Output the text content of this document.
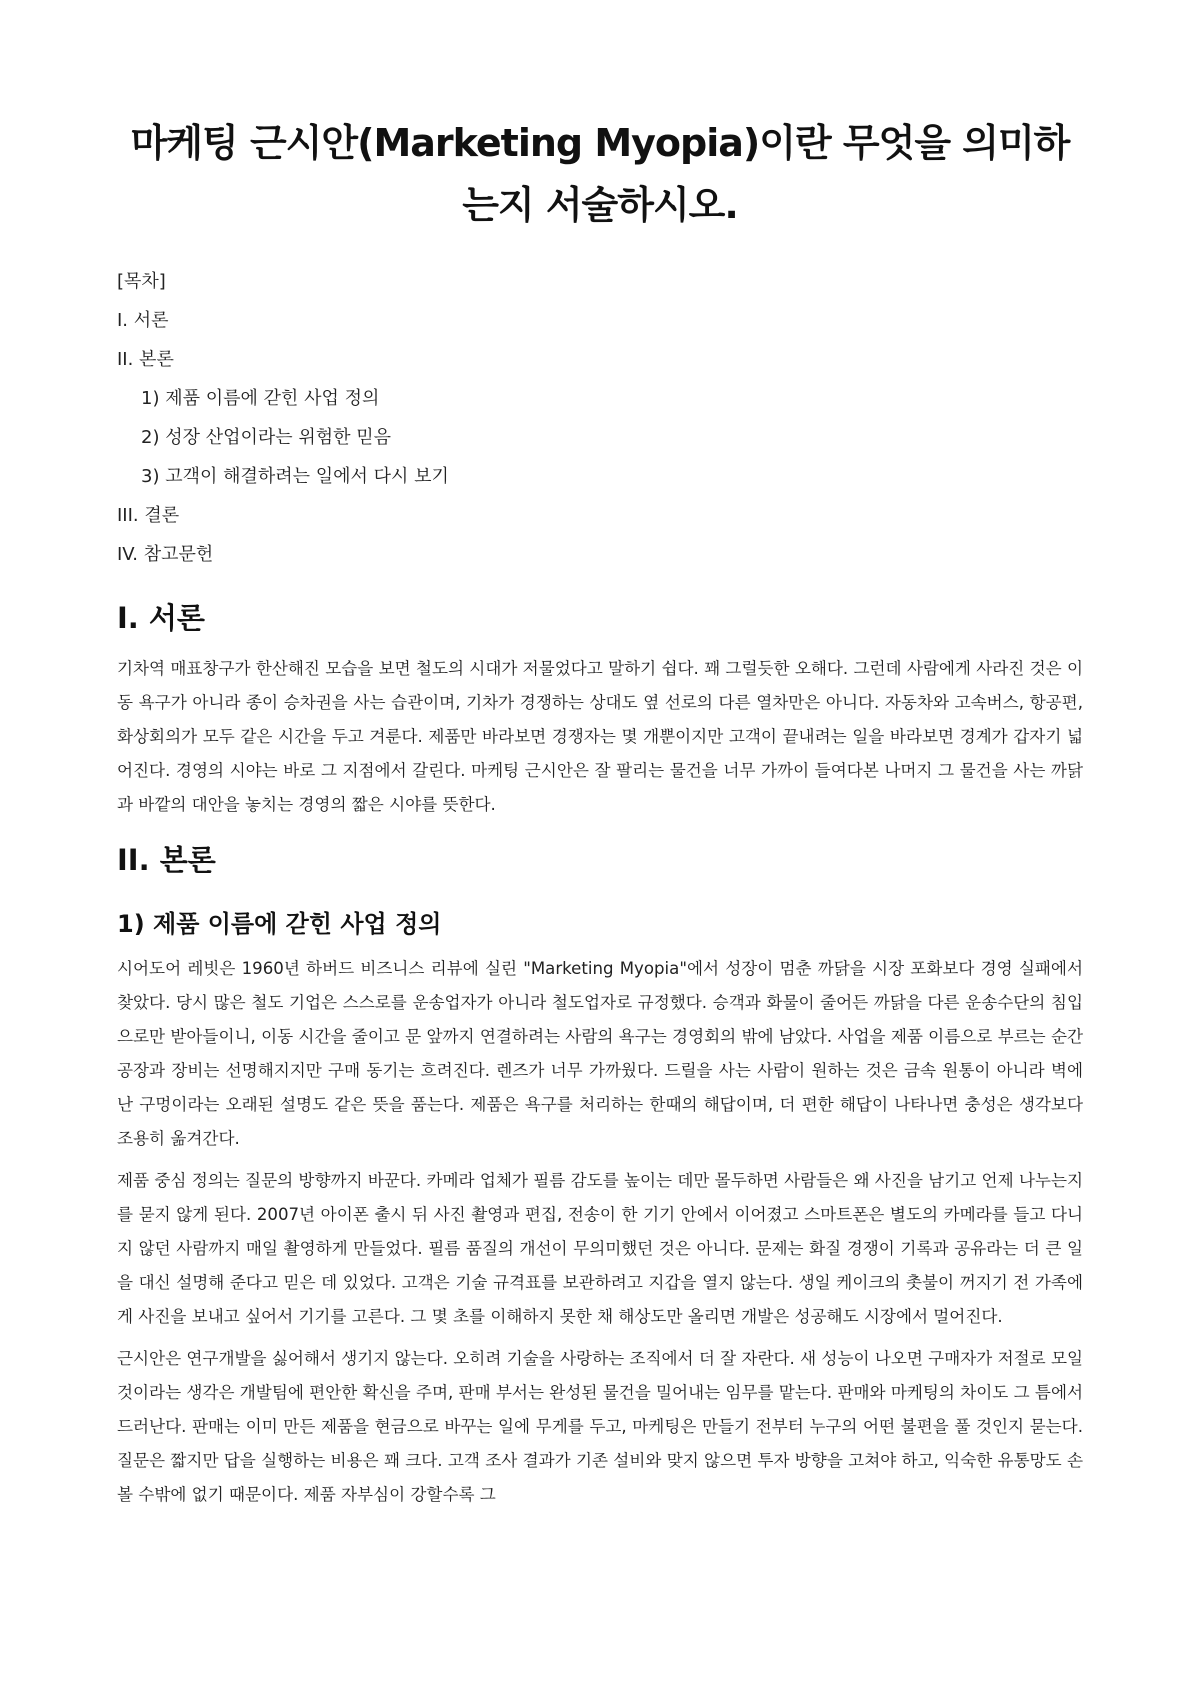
마케팅 근시안(Marketing Myopia)이란 무엇을 의미하는지 서술하시오.
[목차]
I. 서론
II. 본론
1) 제품 이름에 갇힌 사업 정의
2) 성장 산업이라는 위험한 믿음
3) 고객이 해결하려는 일에서 다시 보기
III. 결론
IV. 참고문헌
I. 서론

기차역 매표창구가 한산해진 모습을 보면 철도의 시대가 저물었다고 말하기 쉽다. 꽤 그럴듯한 오해다. 그런데 사람에게 사라진 것은 이동 욕구가 아니라 종이 승차권을 사는 습관이며, 기차가 경쟁하는 상대도 옆 선로의 다른 열차만은 아니다. 자동차와 고속버스, 항공편, 화상회의가 모두 같은 시간을 두고 겨룬다. 제품만 바라보면 경쟁자는 몇 개뿐이지만 고객이 끝내려는 일을 바라보면 경계가 갑자기 넓어진다. 경영의 시야는 바로 그 지점에서 갈린다. 마케팅 근시안은 잘 팔리는 물건을 너무 가까이 들여다본 나머지 그 물건을 사는 까닭과 바깥의 대안을 놓치는 경영의 짧은 시야를 뜻한다.

II. 본론
1) 제품 이름에 갇힌 사업 정의

시어도어 레빗은 1960년 하버드 비즈니스 리뷰에 실린 "Marketing Myopia"에서 성장이 멈춘 까닭을 시장 포화보다 경영 실패에서 찾았다. 당시 많은 철도 기업은 스스로를 운송업자가 아니라 철도업자로 규정했다. 승객과 화물이 줄어든 까닭을 다른 운송수단의 침입으로만 받아들이니, 이동 시간을 줄이고 문 앞까지 연결하려는 사람의 욕구는 경영회의 밖에 남았다. 사업을 제품 이름으로 부르는 순간 공장과 장비는 선명해지지만 구매 동기는 흐려진다. 렌즈가 너무 가까웠다. 드릴을 사는 사람이 원하는 것은 금속 원통이 아니라 벽에 난 구멍이라는 오래된 설명도 같은 뜻을 품는다. 제품은 욕구를 처리하는 한때의 해답이며, 더 편한 해답이 나타나면 충성은 생각보다 조용히 옮겨간다.

제품 중심 정의는 질문의 방향까지 바꾼다. 카메라 업체가 필름 감도를 높이는 데만 몰두하면 사람들은 왜 사진을 남기고 언제 나누는지를 묻지 않게 된다. 2007년 아이폰 출시 뒤 사진 촬영과 편집, 전송이 한 기기 안에서 이어졌고 스마트폰은 별도의 카메라를 들고 다니지 않던 사람까지 매일 촬영하게 만들었다. 필름 품질의 개선이 무의미했던 것은 아니다. 문제는 화질 경쟁이 기록과 공유라는 더 큰 일을 대신 설명해 준다고 믿은 데 있었다. 고객은 기술 규격표를 보관하려고 지갑을 열지 않는다. 생일 케이크의 촛불이 꺼지기 전 가족에게 사진을 보내고 싶어서 기기를 고른다. 그 몇 초를 이해하지 못한 채 해상도만 올리면 개발은 성공해도 시장에서 멀어진다.

근시안은 연구개발을 싫어해서 생기지 않는다. 오히려 기술을 사랑하는 조직에서 더 잘 자란다. 새 성능이 나오면 구매자가 저절로 모일 것이라는 생각은 개발팀에 편안한 확신을 주며, 판매 부서는 완성된 물건을 밀어내는 임무를 맡는다. 판매와 마케팅의 차이도 그 틈에서 드러난다. 판매는 이미 만든 제품을 현금으로 바꾸는 일에 무게를 두고, 마케팅은 만들기 전부터 누구의 어떤 불편을 풀 것인지 묻는다. 질문은 짧지만 답을 실행하는 비용은 꽤 크다. 고객 조사 결과가 기존 설비와 맞지 않으면 투자 방향을 고쳐야 하고, 익숙한 유통망도 손볼 수밖에 없기 때문이다. 제품 자부심이 강할수록 그
